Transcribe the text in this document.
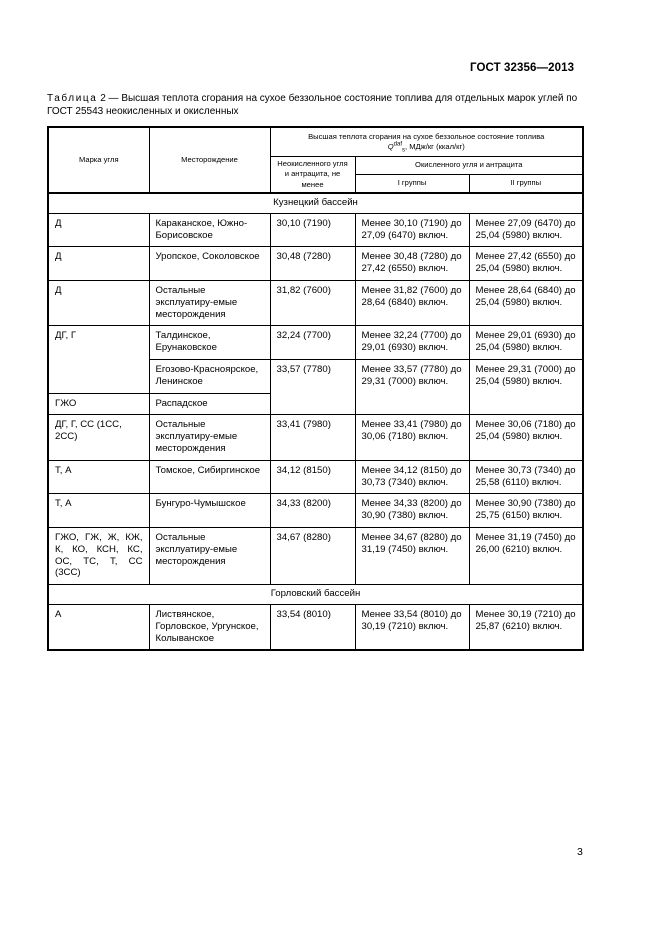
ГОСТ 32356—2013
Таблица 2 — Высшая теплота сгорания на сухое беззольное состояние топлива для отдельных марок углей по ГОСТ 25543 неокисленных и окисленных
Марка угля	Месторождение	Высшая теплота сгорания на сухое беззольное состояние топлива
$Q^{daf}_s$, МДж/кг (ккал/кг)		
		Неокисленного угля и антрацита, не менее	Окисленного угля и антрацита	
			I группы	II группы
Кузнецкий бассейн				
Д	Караканское, Южно-Борисовское	30,10 (7190)	Менее 30,10 (7190) до 27,09 (6470) включ.	Менее 27,09 (6470) до 25,04 (5980) включ.
Д	Уропское, Соколовское	30,48 (7280)	Менее 30,48 (7280) до 27,42 (6550) включ.	Менее 27,42 (6550) до 25,04 (5980) включ.
Д	Остальные эксплуатиру-емые месторождения	31,82 (7600)	Менее 31,82 (7600) до 28,64 (6840) включ.	Менее 28,64 (6840) до 25,04 (5980) включ.
ДГ, Г	Талдинское, Ерунаковское	32,24 (7700)	Менее 32,24 (7700) до 29,01 (6930) включ.	Менее 29,01 (6930) до 25,04 (5980) включ.
	Егозово-Красноярское, Ленинское	33,57 (7780)	Менее 33,57 (7780) до 29,31 (7000) включ.	Менее 29,31 (7000) до 25,04 (5980) включ.
ГЖО	Распадское			
ДГ, Г, СС (1СС, 2СС)	Остальные эксплуатиру-емые месторождения	33,41 (7980)	Менее 33,41 (7980) до 30,06 (7180) включ.	Менее 30,06 (7180) до 25,04 (5980) включ.
Т, А	Томское, Сибиргинское	34,12 (8150)	Менее 34,12 (8150) до 30,73 (7340) включ.	Менее 30,73 (7340) до 25,58 (6110) включ.
Т, А	Бунгуро-Чумышское	34,33 (8200)	Менее 34,33 (8200) до 30,90 (7380) включ.	Менее 30,90 (7380) до 25,75 (6150) включ.
ГЖО, ГЖ, Ж, КЖ, К, КО, КСН, КС, ОС, ТС, Т, СС (3СС)	Остальные эксплуатиру-емые месторождения	34,67 (8280)	Менее 34,67 (8280) до 31,19 (7450) включ.	Менее 31,19 (7450) до 26,00 (6210) включ.
Горловский бассейн				
А	Листвянское, Горловское, Ургунское, Колыванское	33,54 (8010)	Менее 33,54 (8010) до 30,19 (7210) включ.	Менее 30,19 (7210) до 25,87 (6210) включ.
3
